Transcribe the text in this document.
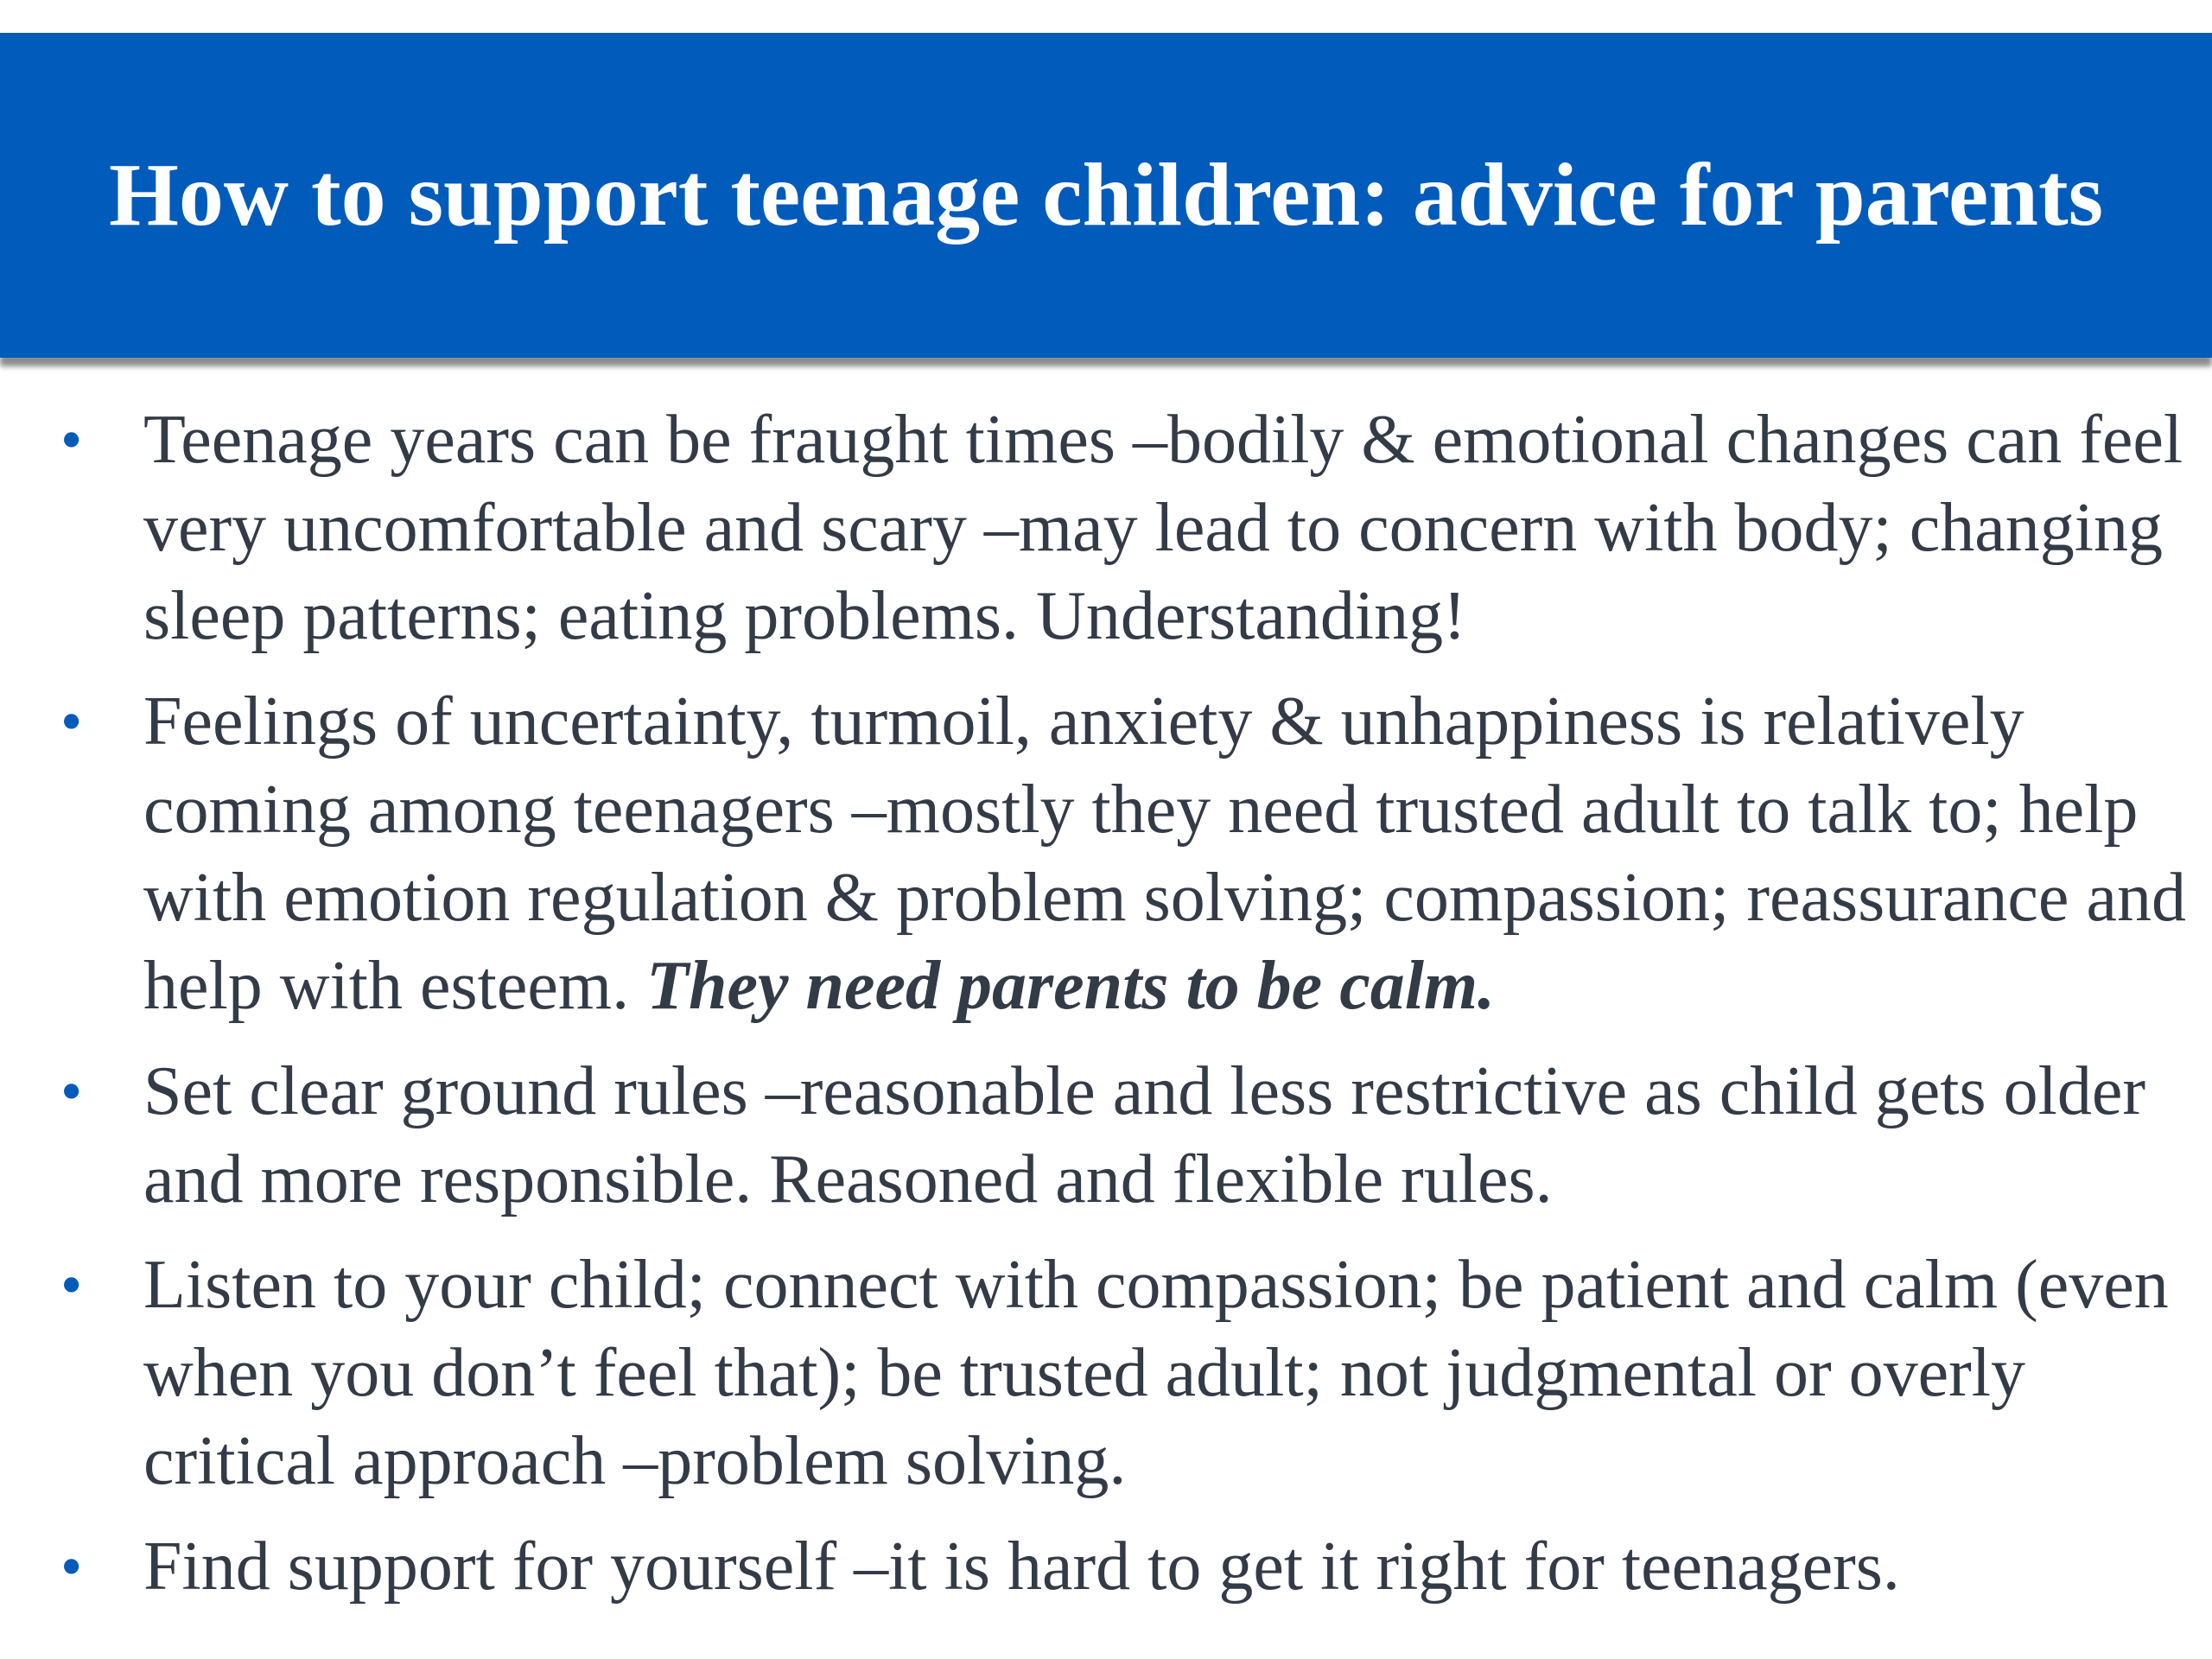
How to support teenage children: advice for parents
• Teenage years can be fraught times –bodily & emotional changes can feel very uncomfortable and scary –may lead to concern with body; changing sleep patterns; eating problems. Understanding!
• Feelings of uncertainty, turmoil, anxiety & unhappiness is relatively coming among teenagers –mostly they need trusted adult to talk to; help with emotion regulation & problem solving; compassion; reassurance and help with esteem. They need parents to be calm.
• Set clear ground rules –reasonable and less restrictive as child gets older and more responsible. Reasoned and flexible rules.
• Listen to your child; connect with compassion; be patient and calm (even when you don’t feel that); be trusted adult; not judgmental or overly critical approach –problem solving.
• Find support for yourself –it is hard to get it right for teenagers.
